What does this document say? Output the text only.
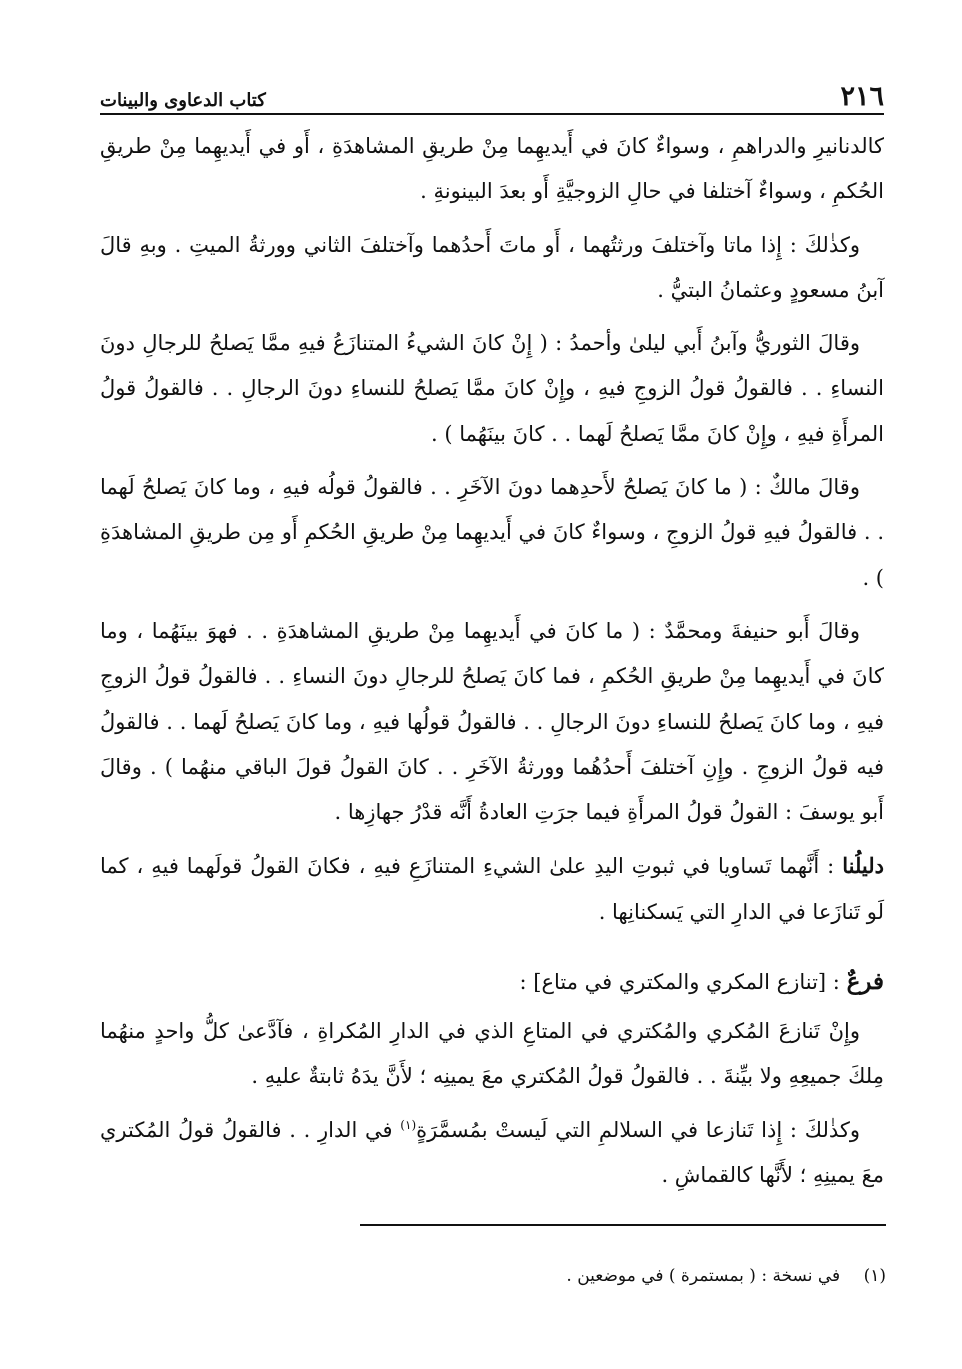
٢١٦
كتاب الدعاوى والبينات

كالدنانيرِ والدراهمِ ، وسواءٌ كانَ في أَيديهِما مِنْ طريقِ المشاهدَةِ ، أَو في أَيديهِما مِنْ طريقِ الحُكمِ ، وسواءٌ آختلفا في حالِ الزوجيَّةِ أَو بعدَ البينونةِ .

وكذٰلكَ : إِذا ماتا وآختلفَ ورثتُهما ، أَو ماتَ أَحدُهما وآختلفَ الثاني وورثةُ الميتِ . وبهِ قالَ آبنُ مسعودٍ وعثمانُ البتيُّ .

وقالَ الثوريُّ وآبنُ أَبي ليلىٰ وأحمدُ : ( إِنْ كانَ الشيءُ المتنازَعُ فيهِ ممَّا يَصلحُ للرجالِ دونَ النساءِ . . فالقولُ قولُ الزوجِ فيهِ ، وإِنْ كانَ ممَّا يَصلحُ للنساءِ دونَ الرجالِ . . فالقولُ قولُ المرأَةِ فيهِ ، وإِنْ كانَ ممَّا يَصلحُ لَهما . . كانَ بينَهُما ) .

وقالَ مالكٌ : ( ما كانَ يَصلحُ لأَحدِهما دونَ الآخَرِ . . فالقولُ قولُه فيهِ ، وما كانَ يَصلحُ لَهما . . فالقولُ فيهِ قولُ الزوجِ ، وسواءٌ كانَ في أَيديهِما مِنْ طريقِ الحُكمِ أَو مِن طريقِ المشاهدَةِ ) .

وقالَ أَبو حنيفةَ ومحمَّدٌ : ( ما كانَ في أَيديهِما مِنْ طريقِ المشاهدَةِ . . فهوَ بينَهُما ، وما كانَ في أَيديهِما مِنْ طريقِ الحُكمِ ، فما كانَ يَصلحُ للرجالِ دونَ النساءِ . . فالقولُ قولُ الزوجِ فيهِ ، وما كانَ يَصلحُ للنساءِ دونَ الرجالِ . . فالقولُ قولُها فيهِ ، وما كانَ يَصلحُ لَهما . . فالقولُ فيه قولُ الزوجِ . وإِنِ آختلفَ أَحدُهُما وورثةُ الآخَرِ . . كانَ القولُ قولَ الباقي منهُما ) . وقالَ أَبو يوسفَ : القولُ قولُ المرأَةِ فيما جرَتِ العادةُ أَنَّه قدْرُ جهازِها .

دليلُنا : أَنَّهما تَساويا في ثبوتِ اليدِ علىٰ الشيءِ المتنازَعِ فيهِ ، فكانَ القولُ قولَهما فيهِ ، كما لَو تَنازَعا في الدارِ التي يَسكنانِها .

فرعٌ : [تنازع المكري والمكتري في متاع] :

وإِنْ تَنازعَ المُكري والمُكتري في المتاعِ الذي في الدارِ المُكراةِ ، فآدَّعىٰ كلُّ واحدٍ منهُما مِلكَ جميعِهِ ولا بيِّنةَ . . فالقولُ قولُ المُكتري معَ يمينِه ؛ لأَنَّ يدَهُ ثابتةٌ عليهِ .

وكذٰلكَ : إِذا تَنازعا في السلالمِ التي لَيستْ بمُسمَّرَةٍ$^{(١)}$ في الدارِ . . فالقولُ قولُ المُكتري معَ يمينِهِ ؛ لأَنَّها كالقماشِ .

(١) في نسخة : ( بمستمرة ) في موضعين .
